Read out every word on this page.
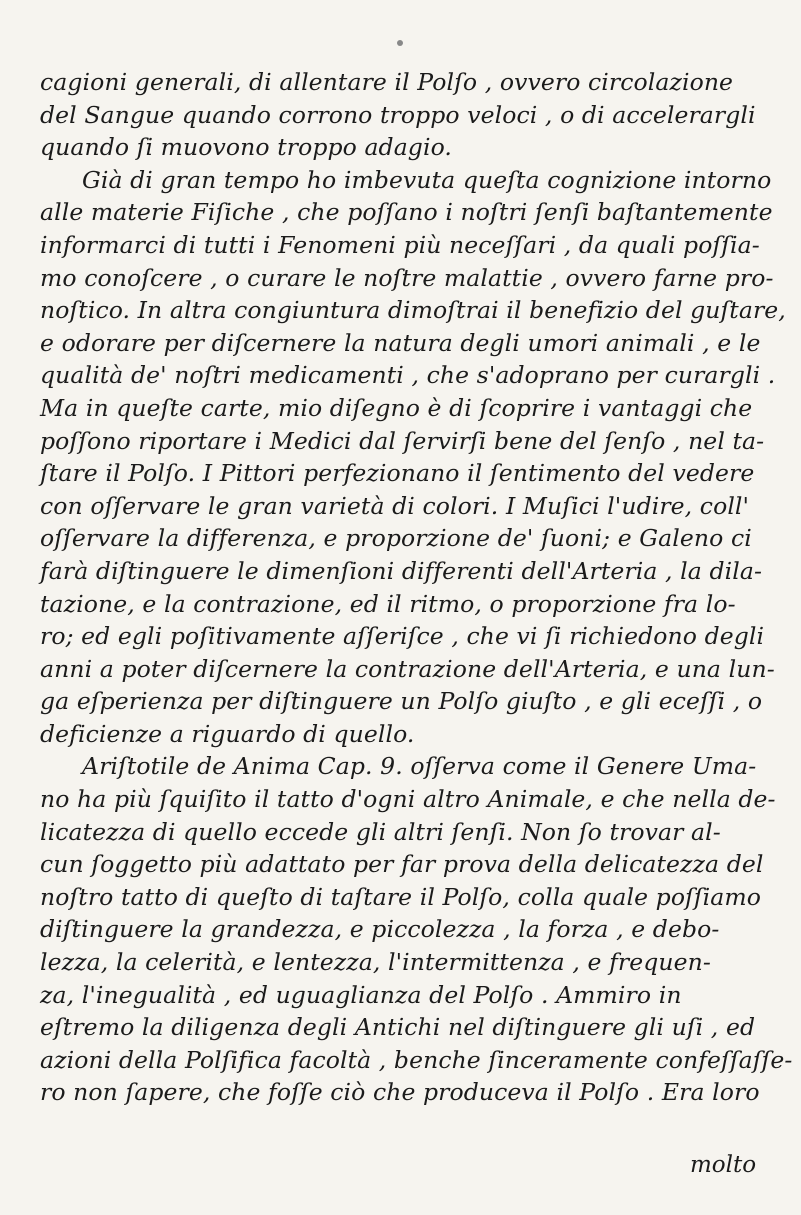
cagioni generali, di allentare il Polſo , ovvero circolazione
del Sangue quando corrono troppo veloci , o di accelerargli
quando ſi muovono troppo adagio.
Già di gran tempo ho imbevuta queſta cognizione intorno
alle materie Fiſiche , che poſſano i noſtri ſenſi baſtantemente
informarci di tutti i Fenomeni più neceſſari , da quali poſſia-
mo conoſcere , o curare le noſtre malattie , ovvero farne pro-
noſtico. In altra congiuntura dimoſtrai il benefizio del guſtare,
e odorare per diſcernere la natura degli umori animali , e le
qualità de' noſtri medicamenti , che s'adoprano per curargli .
Ma in queſte carte, mio diſegno è di ſcoprire i vantaggi che
poſſono riportare i Medici dal ſervirſi bene del ſenſo , nel ta-
ſtare il Polſo. I Pittori perfezionano il ſentimento del vedere
con oſſervare le gran varietà di colori. I Muſici l'udire, coll'
oſſervare la differenza, e proporzione de' ſuoni; e Galeno ci
farà diſtinguere le dimenſioni differenti dell'Arteria , la dila-
tazione, e la contrazione, ed il ritmo, o proporzione fra lo-
ro; ed egli poſitivamente aſſeriſce , che vi ſi richiedono degli
anni a poter diſcernere la contrazione dell'Arteria, e una lun-
ga eſperienza per diſtinguere un Polſo giuſto , e gli eceſſi , o
deficienze a riguardo di quello.
Ariſtotile de Anima Cap. 9. oſſerva come il Genere Uma-
no ha più ſquiſito il tatto d'ogni altro Animale, e che nella de-
licatezza di quello eccede gli altri ſenſi. Non ſo trovar al-
cun ſoggetto più adattato per far prova della delicatezza del
noſtro tatto di queſto di taſtare il Polſo, colla quale poſſiamo
diſtinguere la grandezza, e piccolezza , la forza , e debo-
lezza, la celerità, e lentezza, l'intermittenza , e frequen-
za, l'inegualità , ed uguaglianza del Polſo . Ammiro in
eſtremo la diligenza degli Antichi nel diſtinguere gli uſi , ed
azioni della Polſifica facoltà , benche ſinceramente confeſſaſſe-
ro non ſapere, che foſſe ciò che produceva il Polſo . Era loro
molto
